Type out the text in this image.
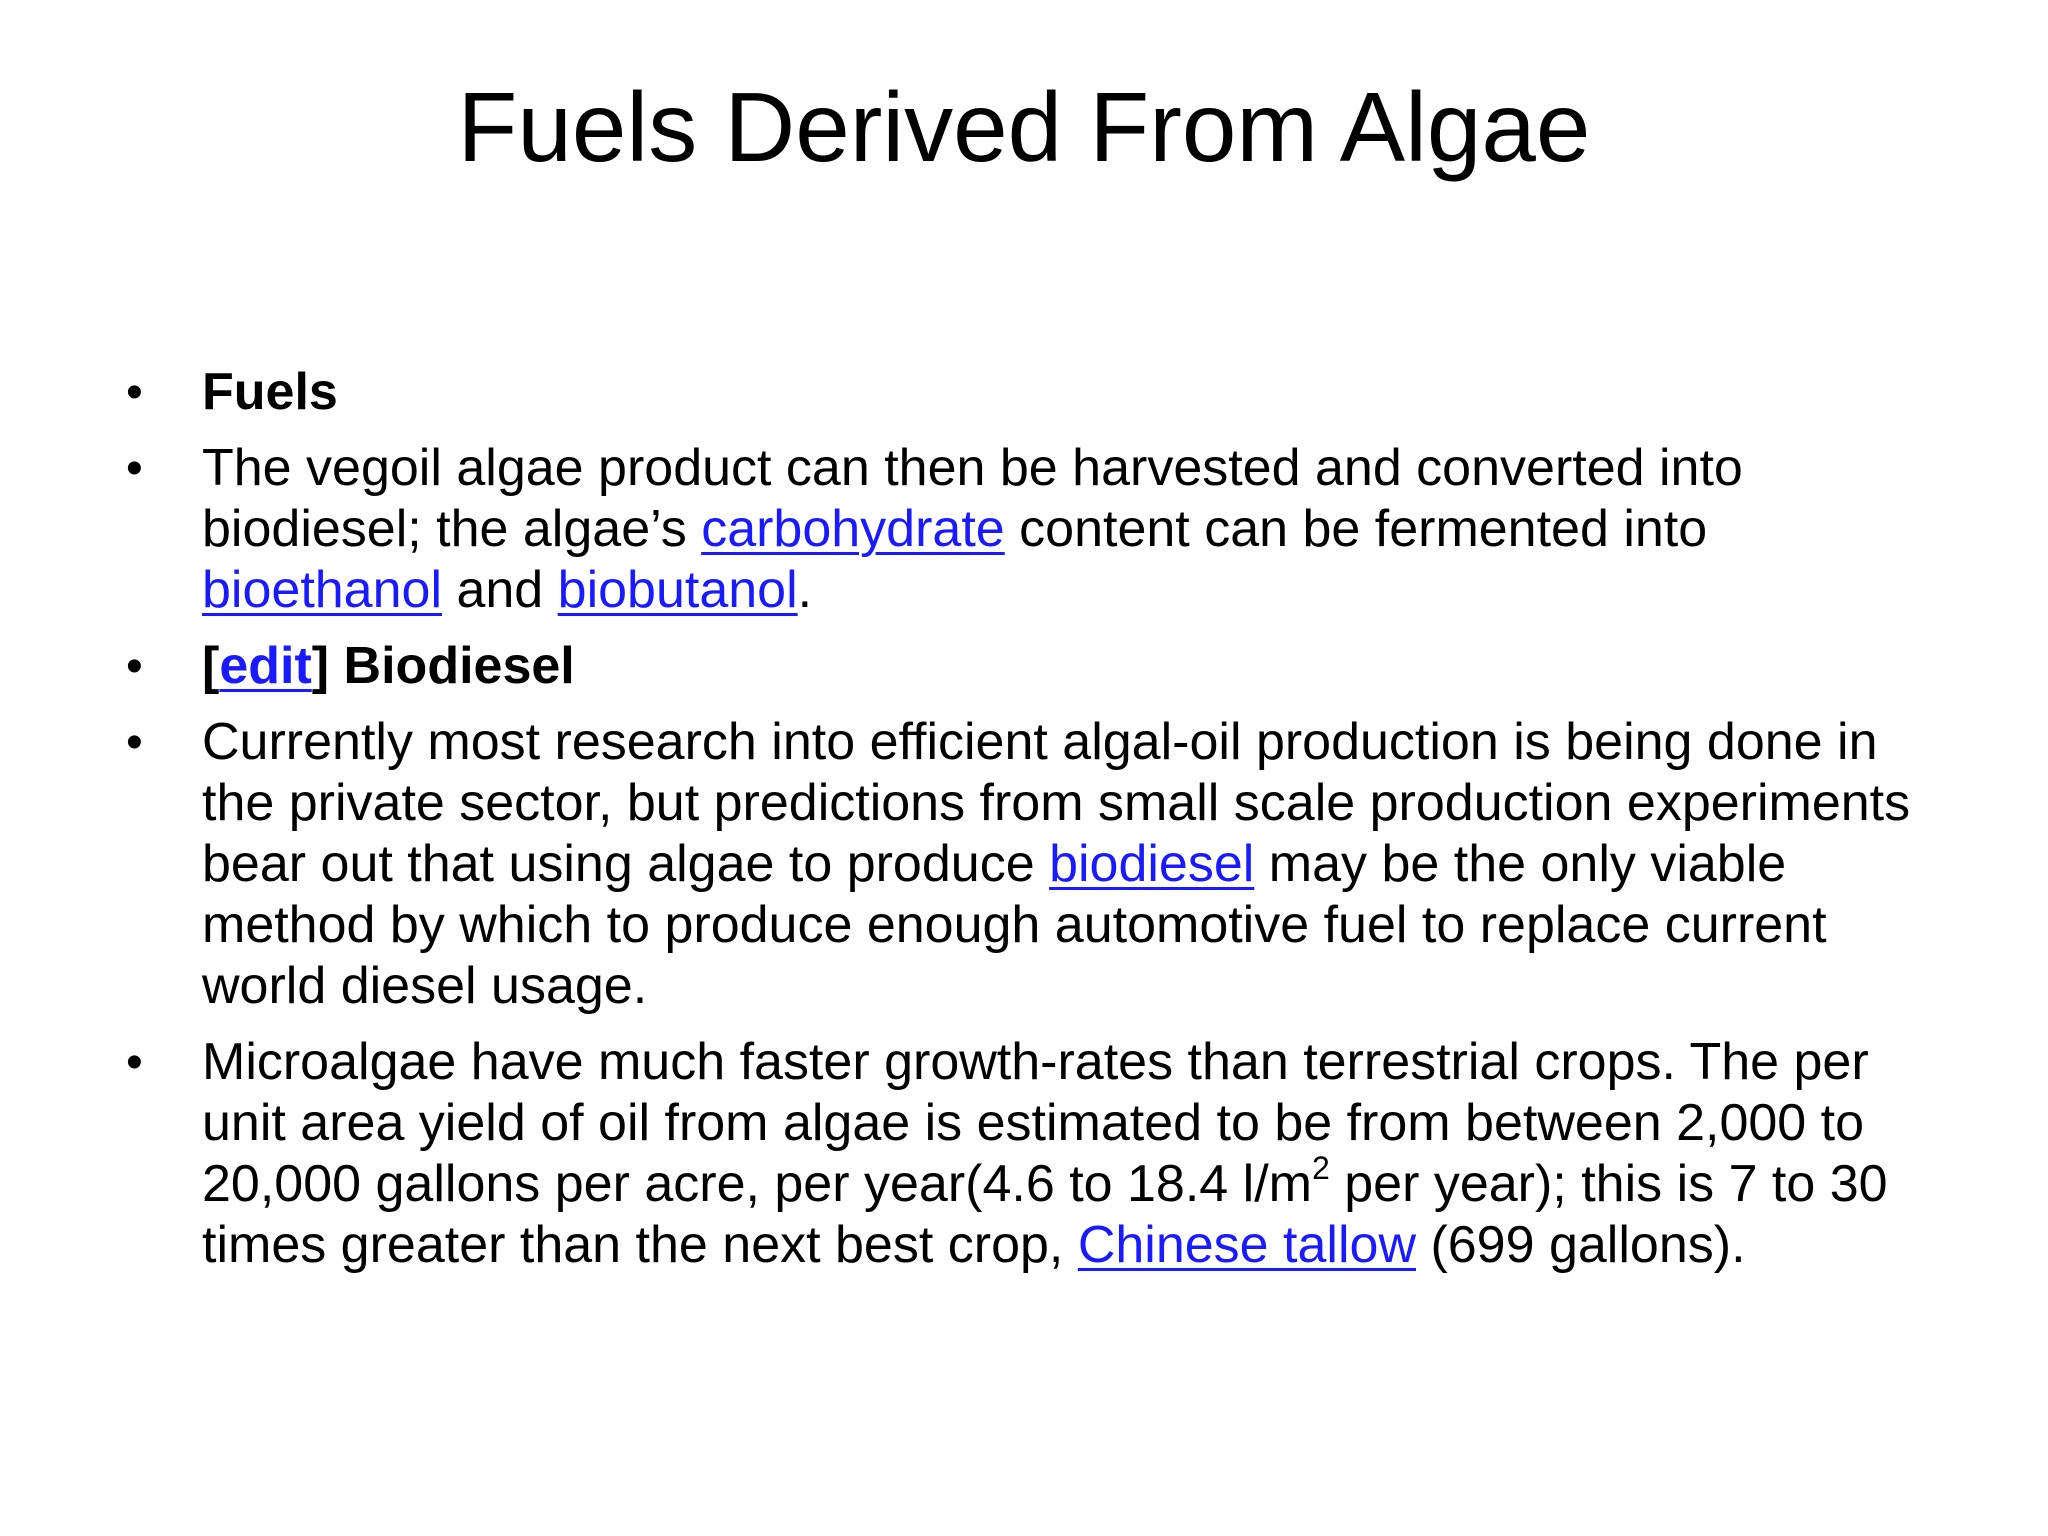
Fuels Derived From Algae
•	Fuels
•	The vegoil algae product can then be harvested and converted into biodiesel; the algae’s carbohydrate content can be fermented into bioethanol and biobutanol.
•	[edit] Biodiesel
•	Currently most research into efficient algal-oil production is being done in the private sector, but predictions from small scale production experiments bear out that using algae to produce biodiesel may be the only viable method by which to produce enough automotive fuel to replace current world diesel usage.
•	Microalgae have much faster growth-rates than terrestrial crops. The per unit area yield of oil from algae is estimated to be from between 2,000 to 20,000 gallons per acre, per year(4.6 to 18.4 $l/m^2$ per year); this is 7 to 30 times greater than the next best crop, Chinese tallow (699 gallons).
